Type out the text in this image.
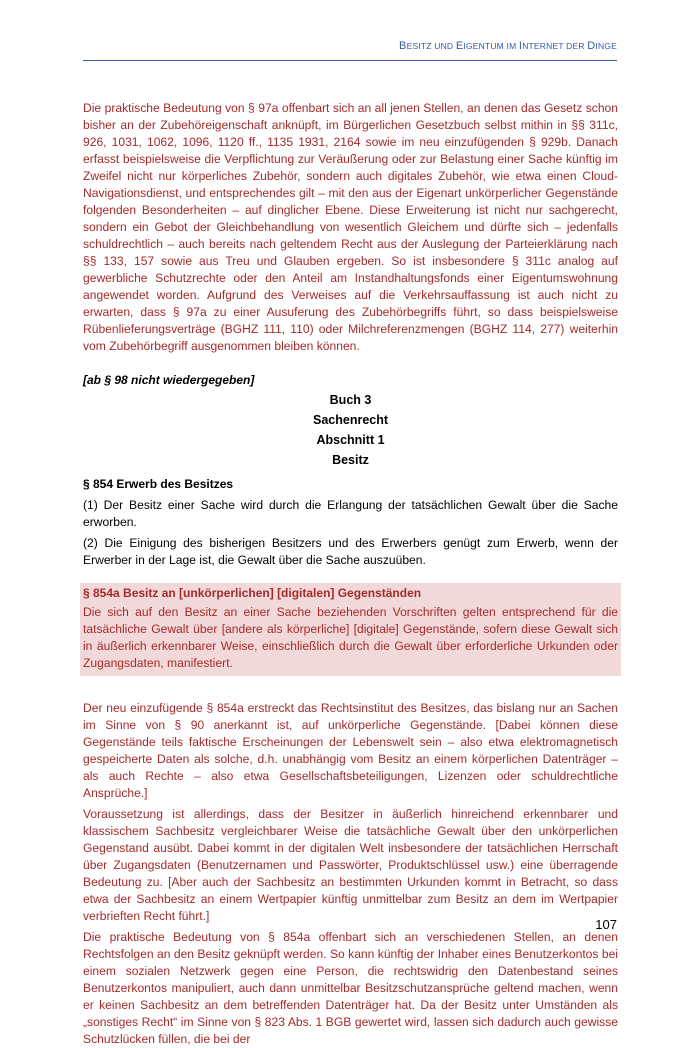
BESITZ UND EIGENTUM IM INTERNET DER DINGE

Die praktische Bedeutung von § 97a offenbart sich an all jenen Stellen, an denen das Gesetz schon bisher an der Zubehöreigenschaft anknüpft, im Bürgerlichen Gesetzbuch selbst mithin in §§ 311c, 926, 1031, 1062, 1096, 1120 ff., 1135 1931, 2164 sowie im neu einzufügenden § 929b. Danach erfasst beispielsweise die Verpflichtung zur Veräußerung oder zur Belastung einer Sache künftig im Zweifel nicht nur körperliches Zubehör, sondern auch digitales Zubehör, wie etwa einen Cloud-Navigationsdienst, und entsprechendes gilt – mit den aus der Eigenart unkörperlicher Gegenstände folgenden Besonderheiten – auf dinglicher Ebene. Diese Erweiterung ist nicht nur sachgerecht, sondern ein Gebot der Gleichbehandlung von wesentlich Gleichem und dürfte sich – jedenfalls schuldrechtlich – auch bereits nach geltendem Recht aus der Auslegung der Parteierklärung nach §§ 133, 157 sowie aus Treu und Glauben ergeben. So ist insbesondere § 311c analog auf gewerbliche Schutzrechte oder den Anteil am Instandhaltungsfonds einer Eigentumswohnung angewendet worden. Aufgrund des Verweises auf die Verkehrsauffassung ist auch nicht zu erwarten, dass § 97a zu einer Ausuferung des Zubehörbegriffs führt, so dass beispielsweise Rübenlieferungsverträge (BGHZ 111, 110) oder Milchreferenzmengen (BGHZ 114, 277) weiterhin vom Zubehörbegriff ausgenommen bleiben können.

[ab § 98 nicht wiedergegeben]

Buch 3

Sachenrecht

Abschnitt 1

Besitz

§ 854 Erwerb des Besitzes

(1) Der Besitz einer Sache wird durch die Erlangung der tatsächlichen Gewalt über die Sache erworben.

(2) Die Einigung des bisherigen Besitzers und des Erwerbers genügt zum Erwerb, wenn der Erwerber in der Lage ist, die Gewalt über die Sache auszuüben.

§ 854a Besitz an [unkörperlichen] [digitalen] Gegenständen

Die sich auf den Besitz an einer Sache beziehenden Vorschriften gelten entsprechend für die tatsächliche Gewalt über [andere als körperliche] [digitale] Gegenstände, sofern diese Gewalt sich in äußerlich erkennbarer Weise, einschließlich durch die Gewalt über erforderliche Urkunden oder Zugangsdaten, manifestiert.

Der neu einzufügende § 854a erstreckt das Rechtsinstitut des Besitzes, das bislang nur an Sachen im Sinne von § 90 anerkannt ist, auf unkörperliche Gegenstände. [Dabei können diese Gegenstände teils faktische Erscheinungen der Lebenswelt sein – also etwa elektromagnetisch gespeicherte Daten als solche, d.h. unabhängig vom Besitz an einem körperlichen Datenträger – als auch Rechte – also etwa Gesellschaftsbeteiligungen, Lizenzen oder schuldrechtliche Ansprüche.]

Voraussetzung ist allerdings, dass der Besitzer in äußerlich hinreichend erkennbarer und klassischem Sachbesitz vergleichbarer Weise die tatsächliche Gewalt über den unkörperlichen Gegenstand ausübt. Dabei kommt in der digitalen Welt insbesondere der tatsächlichen Herrschaft über Zugangsdaten (Benutzernamen und Passwörter, Produktschlüssel usw.) eine überragende Bedeutung zu. [Aber auch der Sachbesitz an bestimmten Urkunden kommt in Betracht, so dass etwa der Sachbesitz an einem Wertpapier künftig unmittelbar zum Besitz an dem im Wertpapier verbrieften Recht führt.]

Die praktische Bedeutung von § 854a offenbart sich an verschiedenen Stellen, an denen Rechtsfolgen an den Besitz geknüpft werden. So kann künftig der Inhaber eines Benutzerkontos bei einem sozialen Netzwerk gegen eine Person, die rechtswidrig den Datenbestand seines Benutzerkontos manipuliert, auch dann unmittelbar Besitzschutzansprüche geltend machen, wenn er keinen Sachbesitz an dem betreffenden Datenträger hat. Da der Besitz unter Umständen als „sonstiges Recht“ im Sinne von § 823 Abs. 1 BGB gewertet wird, lassen sich dadurch auch gewisse Schutzlücken füllen, die bei der

107
